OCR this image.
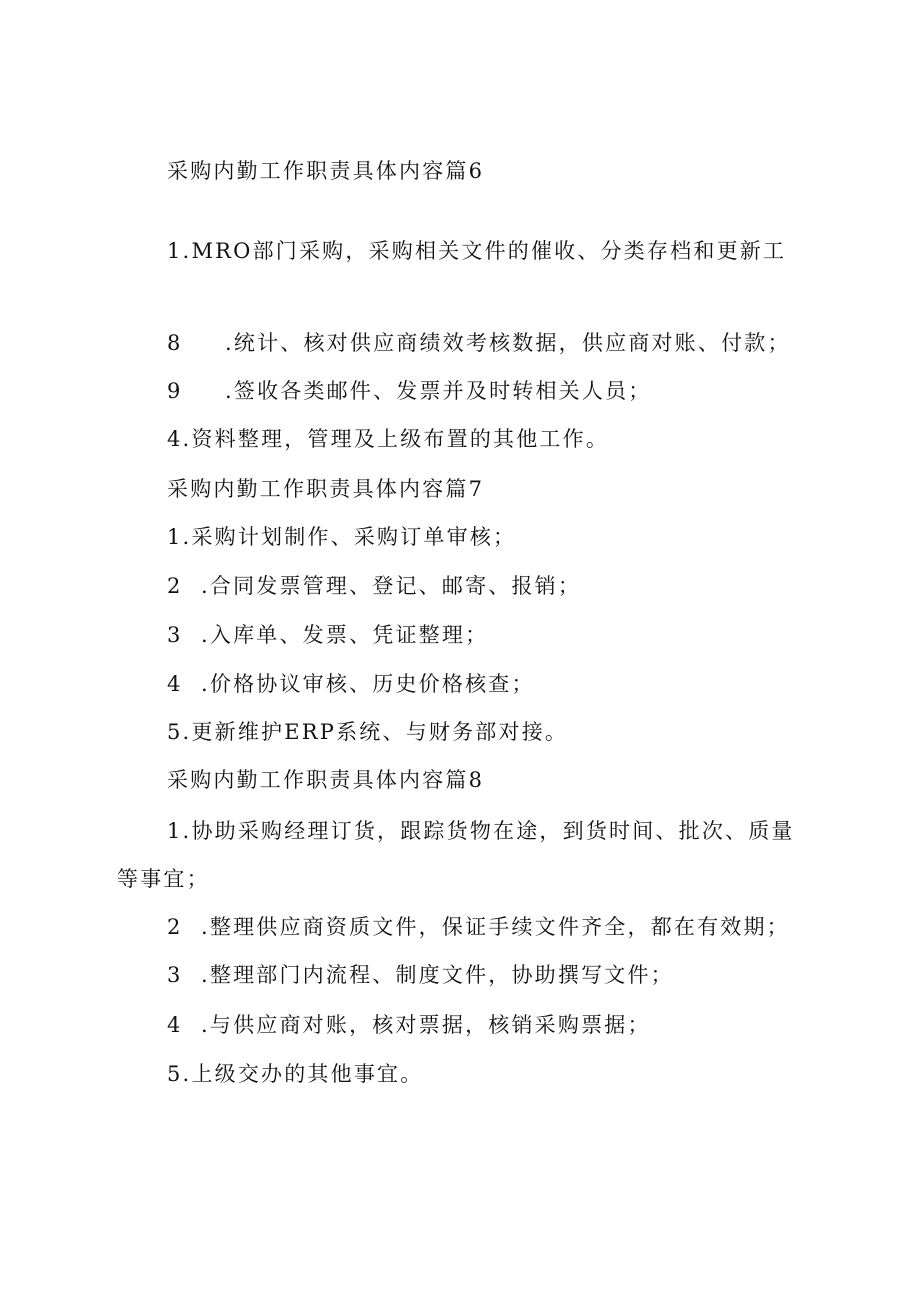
采购内勤工作职责具体内容篇6
1.MRO部门采购，采购相关文件的催收、分类存档和更新工
8 .统计、核对供应商绩效考核数据，供应商对账、付款；
9 .签收各类邮件、发票并及时转相关人员；
4.资料整理，管理及上级布置的其他工作。
采购内勤工作职责具体内容篇7
1.采购计划制作、采购订单审核；
2 .合同发票管理、登记、邮寄、报销；
3 .入库单、发票、凭证整理；
4 .价格协议审核、历史价格核查；
5.更新维护ERP系统、与财务部对接。
采购内勤工作职责具体内容篇8
1.协助采购经理订货，跟踪货物在途，到货时间、批次、质量
等事宜；
2 .整理供应商资质文件，保证手续文件齐全，都在有效期；
3 .整理部门内流程、制度文件，协助撰写文件；
4 .与供应商对账，核对票据，核销采购票据；
5.上级交办的其他事宜。
